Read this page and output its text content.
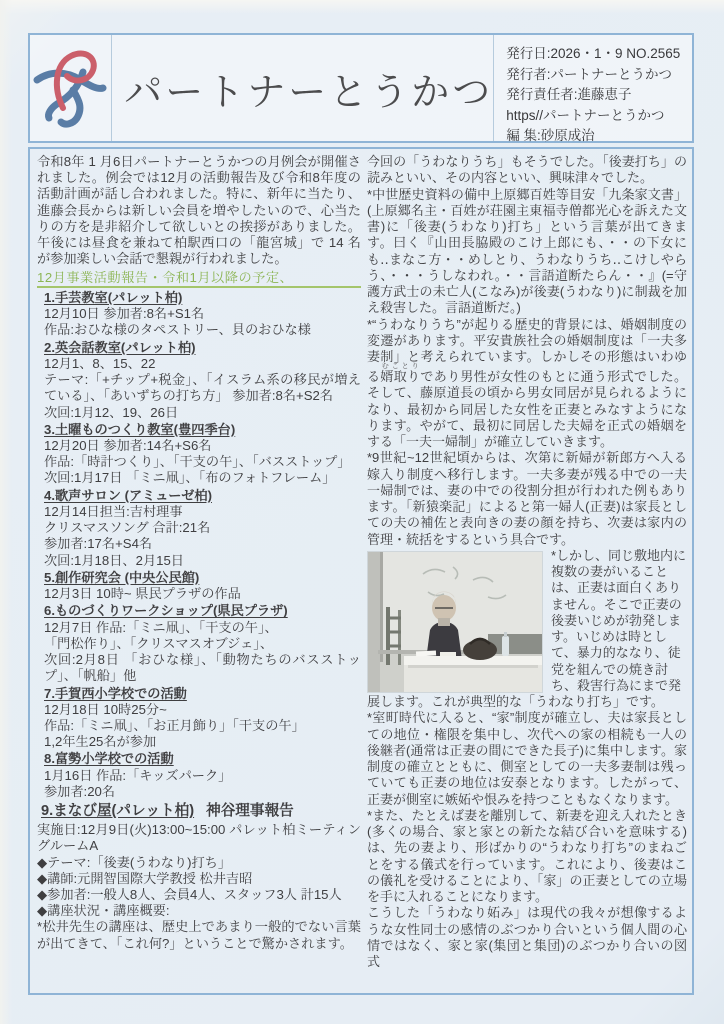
パートナーとうかつ
発行日:2026・1・9 NO.2565
発行者:パートナーとうかつ
発行責任者:進藤恵子
https//パートナーとうかつ
編 集:砂原成治

令和8年 1 月6日パートナーとうかつの月例会が開催されました。例会では12月の活動報告及び令和8年度の活動計画が話し合われました。特に、新年に当たり、進藤会長からは新しい会員を増やしたいので、心当たりの方を是非紹介して欲しいとの挨拶がありました。午後には昼食を兼ねて柏駅西口の「龍宮城」で 14 名が参加楽しい会話で懇親が行われました。

12月事業活動報告・令和1月以降の予定、
1.手芸教室(パレット柏)
12月10日 参加者:8名+S1名
作品:おひな様のタペストリー、貝のおひな様
2.英会話教室(パレット柏)
12月1、8、15、22
テーマ:「+チップ+税金」、「イスラム系の移民が増えている」、「あいずちの打ち方」 参加者:8名+S2名
次回:1月12、19、26日
3.土曜ものつくり教室(豊四季台)
12月20日 参加者:14名+S6名
作品:「時計つくり」、「干支の午」、「バスストップ」
次回:1月17日 「ミニ凧」、「布のフォトフレーム」
4.歌声サロン (アミューゼ柏)
12月14日担当:吉村理事
クリスマスソング 合計:21名
参加者:17名+S4名
次回:1月18日、2月15日
5.創作研究会 (中央公民館)
12月3日 10時~ 県民プラザの作品
6.ものづくりワークショップ(県民プラザ)
12月7日 作品:「ミニ凧」、「干支の午」、
「門松作り」、「クリスマスオブジェ」、
次回:2月8日 「おひな様」、「動物たちのバスストップ」、「帆船」他
7.手賀西小学校での活動
12月18日 10時25分~
作品:「ミニ凧」、「お正月飾り」「干支の午」
1,2年生25名が参加
8.富勢小学校での活動
1月16日 作品:「キッズパーク」
参加者:20名
9.まなび屋(パレット柏) 神谷理事報告
実施日:12月9日(火)13:00~15:00 パレット柏ミーティングルームA
◆テーマ:「後妻(うわなり)打ち」
◆講師:元開智国際大学教授 松井吉昭
◆参加者:一般人8人、会員4人、スタッフ3人 計15人
◆講座状況・講座概要:
*松井先生の講座は、歴史上であまり一般的でない言葉が出てきて、「これ何?」ということで驚かされます。

今回の「うわなりうち」もそうでした。「後妻打ち」の読みといい、その内容といい、興味津々でした。

*中世歴史資料の備中上原郷百姓等目安「九条家文書」(上原郷名主・百姓が荘園主東福寺僧都光心を訴えた文書)に「後妻(うわなり)打ち」という言葉が出てきます。曰く『山田長脇殿のこけ上郎にも、・・の下女にも‥まなこ方・・めしとり、うわなりうち‥こけしやらう、・・・うしなわれ。・・言語道断たらん・・』(=守護方武士の未亡人(こなみ)が後妻(うわなり)に制裁を加え殺害した。言語道断だ。)

*“うわなりうち”が起りる歴史的背景には、婚姻制度の変遷があります。平安貴族社会の婚姻制度は「一夫多妻制」と考えられています。しかしその形態はいわゆる婿取りむことりであり男性が女性のもとに通う形式でした。そして、藤原道長の頃から男女同居が見られるようになり、最初から同居した女性を正妻とみなすようになります。やがて、最初に同居した夫婦を正式の婚姻をする「一夫一婦制」が確立していきます。

*9世紀~12世紀頃からは、次第に新婦が新郎方へ入る嫁入り制度へ移行します。一夫多妻が残る中での一夫一婦制では、妻の中での役割分担が行われた例もあります。「新猿楽記」によると第一婦人(正妻)は家長としての夫の補佐と表向きの妻の顔を持ち、次妻は家内の管理・統括をするという具合です。

*しかし、同じ敷地内に複数の妻がいることは、正妻は面白くありません。そこで正妻の後妻いじめが勃発します。いじめは時として、暴力的ななり、徒党を組んでの焼き討ち、殺害行為にまで発展します。これが典型的な「うわなり打ち」です。

*室町時代に入ると、“家”制度が確立し、夫は家長としての地位・権限を集中し、次代への家の相続も一人の後継者(通常は正妻の間にできた長子)に集中します。家制度の確立とともに、側室としての一夫多妻制は残っていても正妻の地位は安泰となります。したがって、正妻が側室に嫉妬や恨みを持つこともなくなります。

*また、たとえば妻を離別して、新妻を迎え入れたとき(多くの場合、家と家との新たな結び合いを意味する)は、先の妻より、形ばかりの“うわなり打ち”のまねごとをする儀式を行っています。これにより、後妻はこの儀礼を受けることにより、「家」の正妻としての立場を手に入れることになります。

こうした「うわなり妬み」は現代の我々が想像するような女性同士の感情のぶつかり合いという個人間の心情ではなく、家と家(集団と集団)のぶつかり合いの図式
